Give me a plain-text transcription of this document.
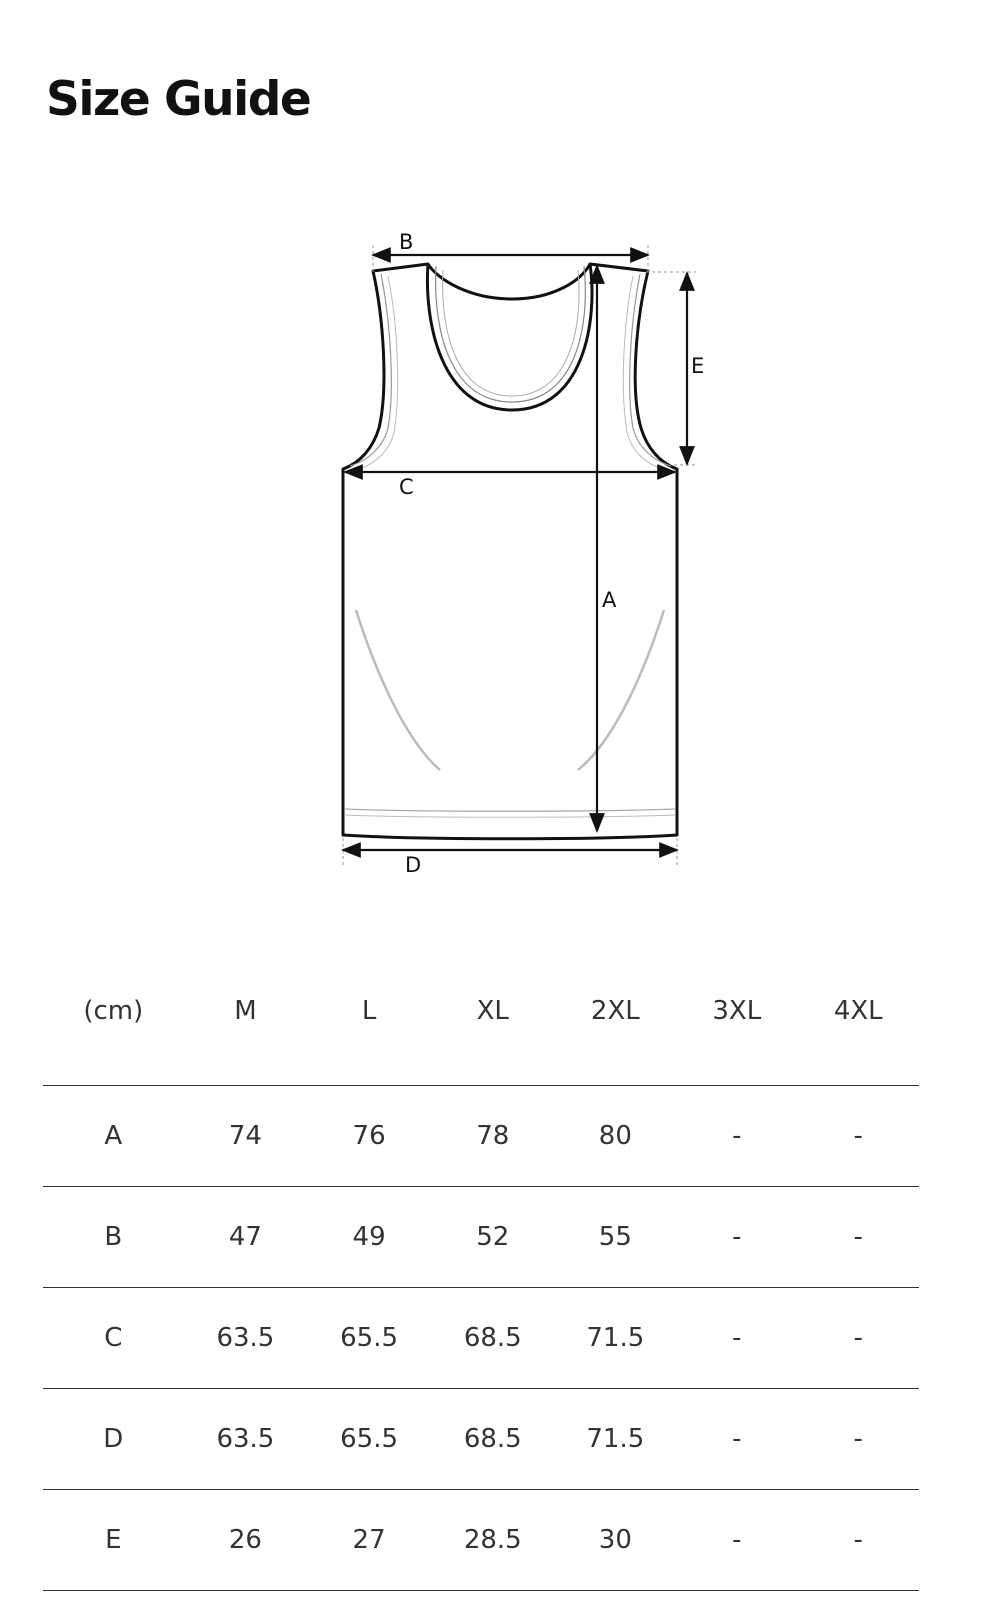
Size Guide
B
C
D
A
E
(cm)	M	L	XL	2XL	3XL	4XL
A	74	76	78	80	-	-
B	47	49	52	55	-	-
C	63.5	65.5	68.5	71.5	-	-
D	63.5	65.5	68.5	71.5	-	-
E	26	27	28.5	30	-	-
